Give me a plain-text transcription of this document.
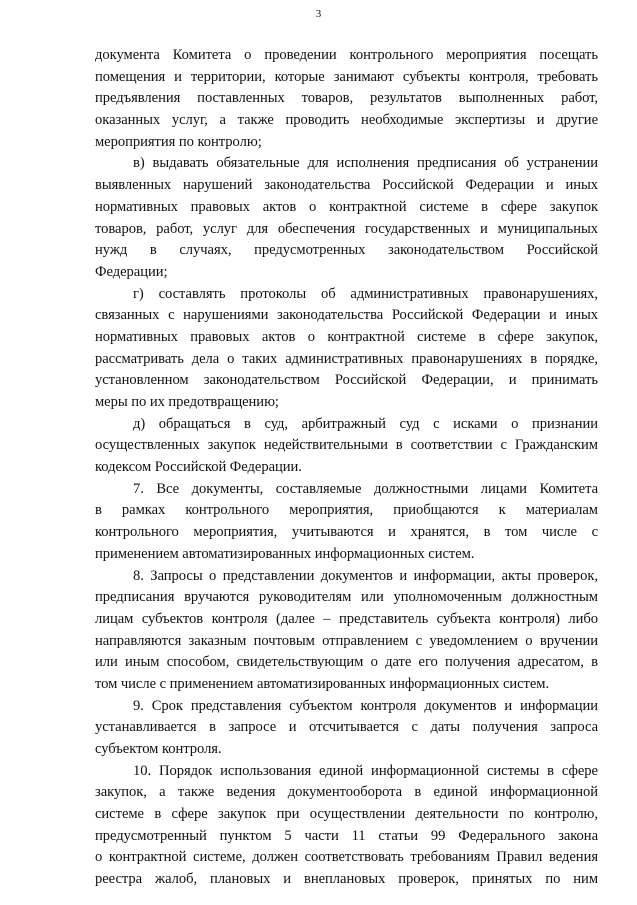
3
документа Комитета о проведении контрольного мероприятия посещать
помещения и территории, которые занимают субъекты контроля, требовать
предъявления поставленных товаров, результатов выполненных работ,
оказанных услуг, а также проводить необходимые экспертизы и другие
мероприятия по контролю;
в) выдавать обязательные для исполнения предписания об устранении
выявленных нарушений законодательства Российской Федерации и иных
нормативных правовых актов о контрактной системе в сфере закупок
товаров, работ, услуг для обеспечения государственных и муниципальных
нужд в случаях, предусмотренных законодательством Российской
Федерации;
г) составлять протоколы об административных правонарушениях,
связанных с нарушениями законодательства Российской Федерации и иных
нормативных правовых актов о контрактной системе в сфере закупок,
рассматривать дела о таких административных правонарушениях в порядке,
установленном законодательством Российской Федерации, и принимать
меры по их предотвращению;
д) обращаться в суд, арбитражный суд с исками о признании
осуществленных закупок недействительными в соответствии с Гражданским
кодексом Российской Федерации.
7. Все документы, составляемые должностными лицами Комитета
в рамках контрольного мероприятия, приобщаются к материалам
контрольного мероприятия, учитываются и хранятся, в том числе с
применением автоматизированных информационных систем.
8. Запросы о представлении документов и информации, акты проверок,
предписания вручаются руководителям или уполномоченным должностным
лицам субъектов контроля (далее – представитель субъекта контроля) либо
направляются заказным почтовым отправлением с уведомлением о вручении
или иным способом, свидетельствующим о дате его получения адресатом, в
том числе с применением автоматизированных информационных систем.
9. Срок представления субъектом контроля документов и информации
устанавливается в запросе и отсчитывается с даты получения запроса
субъектом контроля.
10. Порядок использования единой информационной системы в сфере
закупок, а также ведения документооборота в единой информационной
системе в сфере закупок при осуществлении деятельности по контролю,
предусмотренный пунктом 5 части 11 статьи 99 Федерального закона
о контрактной системе, должен соответствовать требованиям Правил ведения
реестра жалоб, плановых и внеплановых проверок, принятых по ним
